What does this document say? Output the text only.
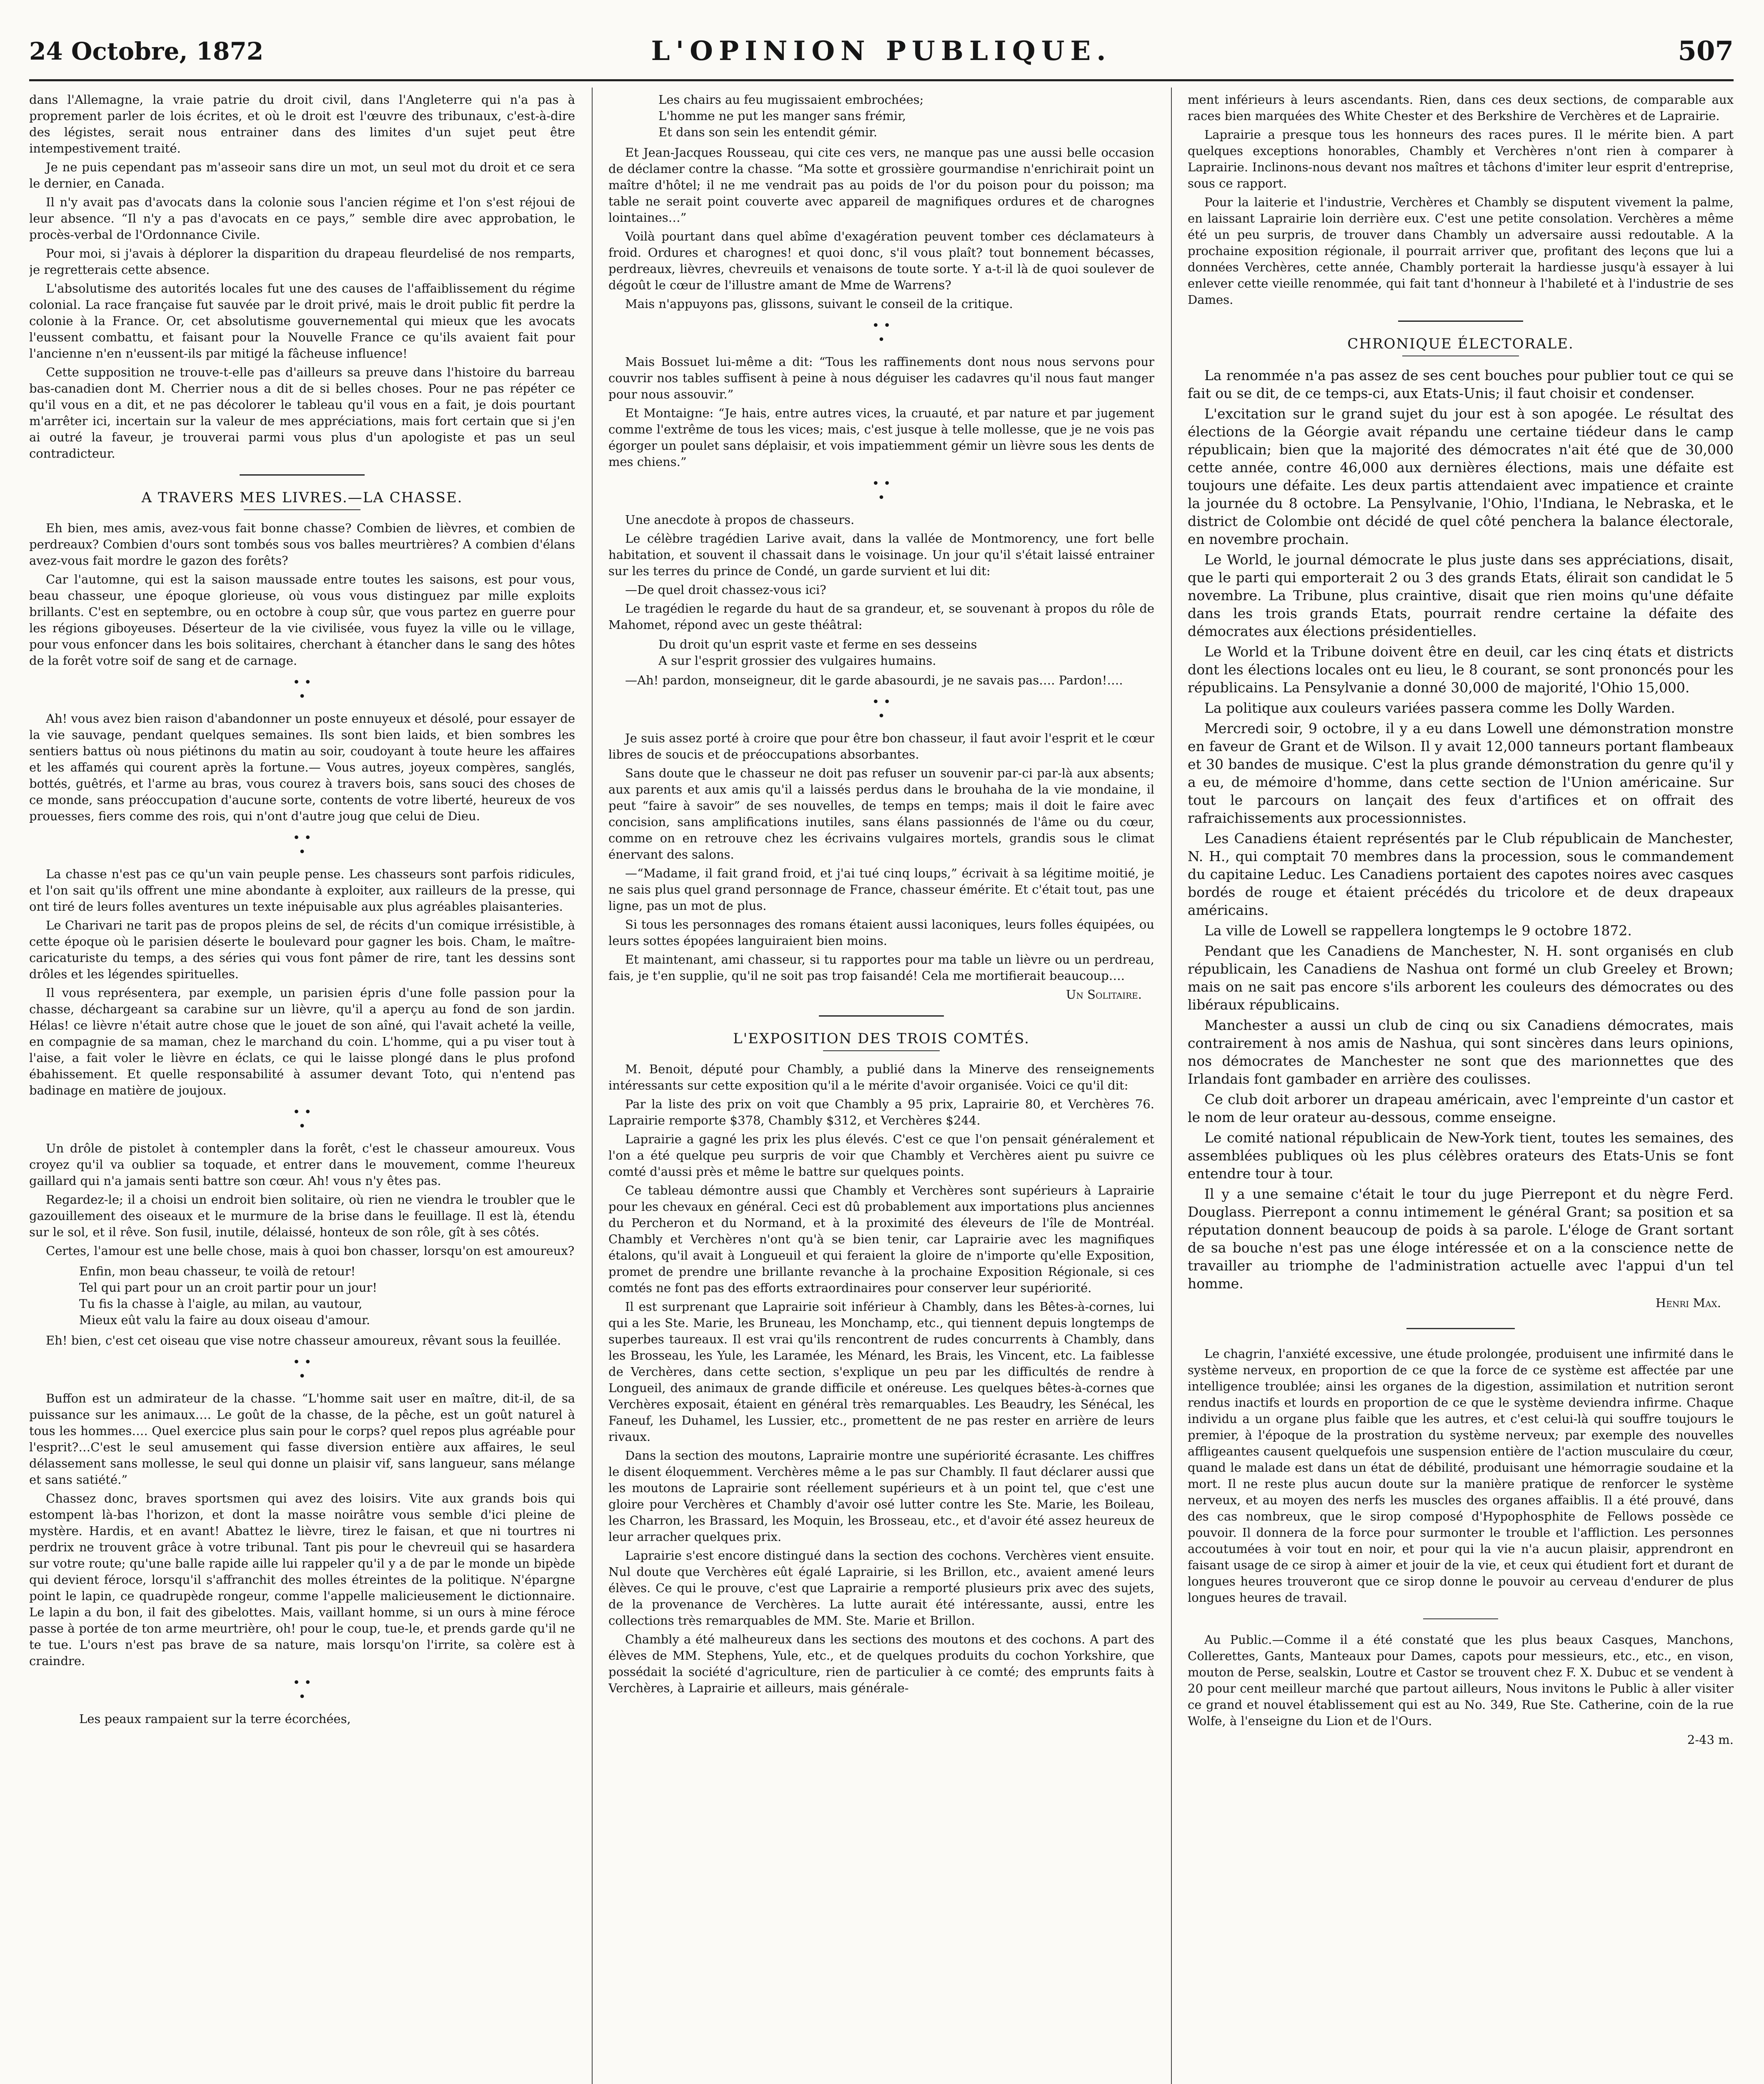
24 Octobre, 1872	L'OPINION PUBLIQUE.	507

dans l'Allemagne, la vraie patrie du droit civil, dans l'Angleterre qui n'a pas à proprement parler de lois écrites, et où le droit est l'œuvre des tribunaux, c'est-à-dire des légistes, serait nous entrainer dans des limites d'un sujet peut être intempestivement traité.

Je ne puis cependant pas m'asseoir sans dire un mot, un seul mot du droit et ce sera le dernier, en Canada.

Il n'y avait pas d'avocats dans la colonie sous l'ancien régime et l'on s'est réjoui de leur absence. “Il n'y a pas d'avocats en ce pays,” semble dire avec approbation, le procès-verbal de l'Ordonnance Civile.

Pour moi, si j'avais à déplorer la disparition du drapeau fleurdelisé de nos remparts, je regretterais cette absence.

L'absolutisme des autorités locales fut une des causes de l'affaiblissement du régime colonial. La race française fut sauvée par le droit privé, mais le droit public fit perdre la colonie à la France. Or, cet absolutisme gouvernemental qui mieux que les avocats l'eussent combattu, et faisant pour la Nouvelle France ce qu'ils avaient fait pour l'ancienne n'en n'eussent-ils par mitigé la fâcheuse influence!

Cette supposition ne trouve-t-elle pas d'ailleurs sa preuve dans l'histoire du barreau bas-canadien dont M. Cherrier nous a dit de si belles choses. Pour ne pas répéter ce qu'il vous en a dit, et ne pas décolorer le tableau qu'il vous en a fait, je dois pourtant m'arrêter ici, incertain sur la valeur de mes appréciations, mais fort certain que si j'en ai outré la faveur, je trouverai parmi vous plus d'un apologiste et pas un seul contradicteur.

A TRAVERS MES LIVRES.—LA CHASSE.

Eh bien, mes amis, avez-vous fait bonne chasse? Combien de lièvres, et combien de perdreaux? Combien d'ours sont tombés sous vos balles meurtrières? A combien d'élans avez-vous fait mordre le gazon des forêts?

Car l'automne, qui est la saison maussade entre toutes les saisons, est pour vous, beau chasseur, une époque glorieuse, où vous vous distinguez par mille exploits brillants. C'est en septembre, ou en octobre à coup sûr, que vous partez en guerre pour les régions giboyeuses. Déserteur de la vie civilisée, vous fuyez la ville ou le village, pour vous enfoncer dans les bois solitaires, cherchant à étancher dans le sang des hôtes de la forêt votre soif de sang et de carnage.

• •
•

Ah! vous avez bien raison d'abandonner un poste ennuyeux et désolé, pour essayer de la vie sauvage, pendant quelques semaines. Ils sont bien laids, et bien sombres les sentiers battus où nous piétinons du matin au soir, coudoyant à toute heure les affaires et les affamés qui courent après la fortune.— Vous autres, joyeux compères, sanglés, bottés, guêtrés, et l'arme au bras, vous courez à travers bois, sans souci des choses de ce monde, sans préoccupation d'aucune sorte, contents de votre liberté, heureux de vos prouesses, fiers comme des rois, qui n'ont d'autre joug que celui de Dieu.

• •
•

La chasse n'est pas ce qu'un vain peuple pense. Les chasseurs sont parfois ridicules, et l'on sait qu'ils offrent une mine abondante à exploiter, aux railleurs de la presse, qui ont tiré de leurs folles aventures un texte inépuisable aux plus agréables plaisanteries.

Le Charivari ne tarit pas de propos pleins de sel, de récits d'un comique irrésistible, à cette époque où le parisien déserte le boulevard pour gagner les bois. Cham, le maître-caricaturiste du temps, a des séries qui vous font pâmer de rire, tant les dessins sont drôles et les légendes spirituelles.

Il vous représentera, par exemple, un parisien épris d'une folle passion pour la chasse, déchargeant sa carabine sur un lièvre, qu'il a aperçu au fond de son jardin. Hélas! ce lièvre n'était autre chose que le jouet de son aîné, qui l'avait acheté la veille, en compagnie de sa maman, chez le marchand du coin. L'homme, qui a pu viser tout à l'aise, a fait voler le lièvre en éclats, ce qui le laisse plongé dans le plus profond ébahissement. Et quelle responsabilité à assumer devant Toto, qui n'entend pas badinage en matière de joujoux.

• •
•

Un drôle de pistolet à contempler dans la forêt, c'est le chasseur amoureux. Vous croyez qu'il va oublier sa toquade, et entrer dans le mouvement, comme l'heureux gaillard qui n'a jamais senti battre son cœur. Ah! vous n'y êtes pas.

Regardez-le; il a choisi un endroit bien solitaire, où rien ne viendra le troubler que le gazouillement des oiseaux et le murmure de la brise dans le feuillage. Il est là, étendu sur le sol, et il rêve. Son fusil, inutile, délaissé, honteux de son rôle, gît à ses côtés.

Certes, l'amour est une belle chose, mais à quoi bon chasser, lorsqu'on est amoureux?

Enfin, mon beau chasseur, te voilà de retour!

Tel qui part pour un an croit partir pour un jour!

Tu fis la chasse à l'aigle, au milan, au vautour,

Mieux eût valu la faire au doux oiseau d'amour.

Eh! bien, c'est cet oiseau que vise notre chasseur amoureux, rêvant sous la feuillée.

• •
•

Buffon est un admirateur de la chasse. “L'homme sait user en maître, dit-il, de sa puissance sur les animaux…. Le goût de la chasse, de la pêche, est un goût naturel à tous les hommes…. Quel exercice plus sain pour le corps? quel repos plus agréable pour l'esprit?…C'est le seul amusement qui fasse diversion entière aux affaires, le seul délassement sans mollesse, le seul qui donne un plaisir vif, sans langueur, sans mélange et sans satiété.”

Chassez donc, braves sportsmen qui avez des loisirs. Vite aux grands bois qui estompent là-bas l'horizon, et dont la masse noirâtre vous semble d'ici pleine de mystère. Hardis, et en avant! Abattez le lièvre, tirez le faisan, et que ni tourtres ni perdrix ne trouvent grâce à votre tribunal. Tant pis pour le chevreuil qui se hasardera sur votre route; qu'une balle rapide aille lui rappeler qu'il y a de par le monde un bipède qui devient féroce, lorsqu'il s'affranchit des molles étreintes de la politique. N'épargne point le lapin, ce quadrupède rongeur, comme l'appelle malicieusement le dictionnaire. Le lapin a du bon, il fait des gibelottes. Mais, vaillant homme, si un ours à mine féroce passe à portée de ton arme meurtrière, oh! pour le coup, tue-le, et prends garde qu'il ne te tue. L'ours n'est pas brave de sa nature, mais lorsqu'on l'irrite, sa colère est à craindre.

• •
•

Les peaux rampaient sur la terre écorchées,

Les chairs au feu mugissaient embrochées;

L'homme ne put les manger sans frémir,

Et dans son sein les entendit gémir.

Et Jean-Jacques Rousseau, qui cite ces vers, ne manque pas une aussi belle occasion de déclamer contre la chasse. “Ma sotte et grossière gourmandise n'enrichirait point un maître d'hôtel; il ne me vendrait pas au poids de l'or du poison pour du poisson; ma table ne serait point couverte avec appareil de magnifiques ordures et de charognes lointaines…”

Voilà pourtant dans quel abîme d'exagération peuvent tomber ces déclamateurs à froid. Ordures et charognes! et quoi donc, s'il vous plaît? tout bonnement bécasses, perdreaux, lièvres, chevreuils et venaisons de toute sorte. Y a-t-il là de quoi soulever de dégoût le cœur de l'illustre amant de Mme de Warrens?

Mais n'appuyons pas, glissons, suivant le conseil de la critique.

• •
•

Mais Bossuet lui-même a dit: “Tous les raffinements dont nous nous servons pour couvrir nos tables suffisent à peine à nous déguiser les cadavres qu'il nous faut manger pour nous assouvir.”

Et Montaigne: “Je hais, entre autres vices, la cruauté, et par nature et par jugement comme l'extrême de tous les vices; mais, c'est jusque à telle mollesse, que je ne vois pas égorger un poulet sans déplaisir, et vois impatiemment gémir un lièvre sous les dents de mes chiens.”

• •
•

Une anecdote à propos de chasseurs.

Le célèbre tragédien Larive avait, dans la vallée de Montmorency, une fort belle habitation, et souvent il chassait dans le voisinage. Un jour qu'il s'était laissé entrainer sur les terres du prince de Condé, un garde survient et lui dit:

—De quel droit chassez-vous ici?

Le tragédien le regarde du haut de sa grandeur, et, se souvenant à propos du rôle de Mahomet, répond avec un geste théâtral:

Du droit qu'un esprit vaste et ferme en ses desseins

A sur l'esprit grossier des vulgaires humains.

—Ah! pardon, monseigneur, dit le garde abasourdi, je ne savais pas…. Pardon!….

• •
•

Je suis assez porté à croire que pour être bon chasseur, il faut avoir l'esprit et le cœur libres de soucis et de préoccupations absorbantes.

Sans doute que le chasseur ne doit pas refuser un souvenir par-ci par-là aux absents; aux parents et aux amis qu'il a laissés perdus dans le brouhaha de la vie mondaine, il peut “faire à savoir” de ses nouvelles, de temps en temps; mais il doit le faire avec concision, sans amplifications inutiles, sans élans passionnés de l'âme ou du cœur, comme on en retrouve chez les écrivains vulgaires mortels, grandis sous le climat énervant des salons.

—“Madame, il fait grand froid, et j'ai tué cinq loups,” écrivait à sa légitime moitié, je ne sais plus quel grand personnage de France, chasseur émérite. Et c'était tout, pas une ligne, pas un mot de plus.

Si tous les personnages des romans étaient aussi laconiques, leurs folles équipées, ou leurs sottes épopées languiraient bien moins.

Et maintenant, ami chasseur, si tu rapportes pour ma table un lièvre ou un perdreau, fais, je t'en supplie, qu'il ne soit pas trop faisandé! Cela me mortifierait beaucoup….

Un Solitaire.

L'EXPOSITION DES TROIS COMTÉS.

M. Benoit, député pour Chambly, a publié dans la Minerve des renseignements intéressants sur cette exposition qu'il a le mérite d'avoir organisée. Voici ce qu'il dit:

Par la liste des prix on voit que Chambly a 95 prix, Laprairie 80, et Verchères 76. Laprairie remporte $378, Chambly $312, et Verchères $244.

Laprairie a gagné les prix les plus élevés. C'est ce que l'on pensait généralement et l'on a été quelque peu surpris de voir que Chambly et Verchères aient pu suivre ce comté d'aussi près et même le battre sur quelques points.

Ce tableau démontre aussi que Chambly et Verchères sont supérieurs à Laprairie pour les chevaux en général. Ceci est dû probablement aux importations plus anciennes du Percheron et du Normand, et à la proximité des éleveurs de l'île de Montréal. Chambly et Verchères n'ont qu'à se bien tenir, car Laprairie avec les magnifiques étalons, qu'il avait à Longueuil et qui feraient la gloire de n'importe qu'elle Exposition, promet de prendre une brillante revanche à la prochaine Exposition Régionale, si ces comtés ne font pas des efforts extraordinaires pour conserver leur supériorité.

Il est surprenant que Laprairie soit inférieur à Chambly, dans les Bêtes-à-cornes, lui qui a les Ste. Marie, les Bruneau, les Monchamp, etc., qui tiennent depuis longtemps de superbes taureaux. Il est vrai qu'ils rencontrent de rudes concurrents à Chambly, dans les Brosseau, les Yule, les Laramée, les Ménard, les Brais, les Vincent, etc. La faiblesse de Verchères, dans cette section, s'explique un peu par les difficultés de rendre à Longueil, des animaux de grande difficile et onéreuse. Les quelques bêtes-à-cornes que Verchères exposait, étaient en général très remarquables. Les Beaudry, les Sénécal, les Faneuf, les Duhamel, les Lussier, etc., promettent de ne pas rester en arrière de leurs rivaux.

Dans la section des moutons, Laprairie montre une supériorité écrasante. Les chiffres le disent éloquemment. Verchères même a le pas sur Chambly. Il faut déclarer aussi que les moutons de Laprairie sont réellement supérieurs et à un point tel, que c'est une gloire pour Verchères et Chambly d'avoir osé lutter contre les Ste. Marie, les Boileau, les Charron, les Brassard, les Moquin, les Brosseau, etc., et d'avoir été assez heureux de leur arracher quelques prix.

Laprairie s'est encore distingué dans la section des cochons. Verchères vient ensuite. Nul doute que Verchères eût égalé Laprairie, si les Brillon, etc., avaient amené leurs élèves. Ce qui le prouve, c'est que Laprairie a remporté plusieurs prix avec des sujets, de la provenance de Verchères. La lutte aurait été intéressante, aussi, entre les collections très remarquables de MM. Ste. Marie et Brillon.

Chambly a été malheureux dans les sections des moutons et des cochons. A part des élèves de MM. Stephens, Yule, etc., et de quelques produits du cochon Yorkshire, que possédait la société d'agriculture, rien de particulier à ce comté; des emprunts faits à Verchères, à Laprairie et ailleurs, mais générale-

ment inférieurs à leurs ascendants. Rien, dans ces deux sections, de comparable aux races bien marquées des White Chester et des Berkshire de Verchères et de Laprairie.

Laprairie a presque tous les honneurs des races pures. Il le mérite bien. A part quelques exceptions honorables, Chambly et Verchères n'ont rien à comparer à Laprairie. Inclinons-nous devant nos maîtres et tâchons d'imiter leur esprit d'entreprise, sous ce rapport.

Pour la laiterie et l'industrie, Verchères et Chambly se disputent vivement la palme, en laissant Laprairie loin derrière eux. C'est une petite consolation. Verchères a même été un peu surpris, de trouver dans Chambly un adversaire aussi redoutable. A la prochaine exposition régionale, il pourrait arriver que, profitant des leçons que lui a données Verchères, cette année, Chambly porterait la hardiesse jusqu'à essayer à lui enlever cette vieille renommée, qui fait tant d'honneur à l'habileté et à l'industrie de ses Dames.

CHRONIQUE ÉLECTORALE.

La renommée n'a pas assez de ses cent bouches pour publier tout ce qui se fait ou se dit, de ce temps-ci, aux Etats-Unis; il faut choisir et condenser.

L'excitation sur le grand sujet du jour est à son apogée. Le résultat des élections de la Géorgie avait répandu une certaine tiédeur dans le camp républicain; bien que la majorité des démocrates n'ait été que de 30,000 cette année, contre 46,000 aux dernières élections, mais une défaite est toujours une défaite. Les deux partis attendaient avec impatience et crainte la journée du 8 octobre. La Pensylvanie, l'Ohio, l'Indiana, le Nebraska, et le district de Colombie ont décidé de quel côté penchera la balance électorale, en novembre prochain.

Le World, le journal démocrate le plus juste dans ses appréciations, disait, que le parti qui emporterait 2 ou 3 des grands Etats, élirait son candidat le 5 novembre. La Tribune, plus craintive, disait que rien moins qu'une défaite dans les trois grands Etats, pourrait rendre certaine la défaite des démocrates aux élections présidentielles.

Le World et la Tribune doivent être en deuil, car les cinq états et districts dont les élections locales ont eu lieu, le 8 courant, se sont prononcés pour les républicains. La Pensylvanie a donné 30,000 de majorité, l'Ohio 15,000.

La politique aux couleurs variées passera comme les Dolly Warden.

Mercredi soir, 9 octobre, il y a eu dans Lowell une démonstration monstre en faveur de Grant et de Wilson. Il y avait 12,000 tanneurs portant flambeaux et 30 bandes de musique. C'est la plus grande démonstration du genre qu'il y a eu, de mémoire d'homme, dans cette section de l'Union américaine. Sur tout le parcours on lançait des feux d'artifices et on offrait des rafraichissements aux processionnistes.

Les Canadiens étaient représentés par le Club républicain de Manchester, N. H., qui comptait 70 membres dans la procession, sous le commandement du capitaine Leduc. Les Canadiens portaient des capotes noires avec casques bordés de rouge et étaient précédés du tricolore et de deux drapeaux américains.

La ville de Lowell se rappellera longtemps le 9 octobre 1872.

Pendant que les Canadiens de Manchester, N. H. sont organisés en club républicain, les Canadiens de Nashua ont formé un club Greeley et Brown; mais on ne sait pas encore s'ils arborent les couleurs des démocrates ou des libéraux républicains.

Manchester a aussi un club de cinq ou six Canadiens démocrates, mais contrairement à nos amis de Nashua, qui sont sincères dans leurs opinions, nos démocrates de Manchester ne sont que des marionnettes que des Irlandais font gambader en arrière des coulisses.

Ce club doit arborer un drapeau américain, avec l'empreinte d'un castor et le nom de leur orateur au-dessous, comme enseigne.

Le comité national républicain de New-York tient, toutes les semaines, des assemblées publiques où les plus célèbres orateurs des Etats-Unis se font entendre tour à tour.

Il y a une semaine c'était le tour du juge Pierrepont et du nègre Ferd. Douglass. Pierrepont a connu intimement le général Grant; sa position et sa réputation donnent beaucoup de poids à sa parole. L'éloge de Grant sortant de sa bouche n'est pas une éloge intéressée et on a la conscience nette de travailler au triomphe de l'administration actuelle avec l'appui d'un tel homme.

Henri Max.

Le chagrin, l'anxiété excessive, une étude prolongée, produisent une infirmité dans le système nerveux, en proportion de ce que la force de ce système est affectée par une intelligence troublée; ainsi les organes de la digestion, assimilation et nutrition seront rendus inactifs et lourds en proportion de ce que le système deviendra infirme. Chaque individu a un organe plus faible que les autres, et c'est celui-là qui souffre toujours le premier, à l'époque de la prostration du système nerveux; par exemple des nouvelles affligeantes causent quelquefois une suspension entière de l'action musculaire du cœur, quand le malade est dans un état de débilité, produisant une hémorragie soudaine et la mort. Il ne reste plus aucun doute sur la manière pratique de renforcer le système nerveux, et au moyen des nerfs les muscles des organes affaiblis. Il a été prouvé, dans des cas nombreux, que le sirop composé d'Hypophosphite de Fellows possède ce pouvoir. Il donnera de la force pour surmonter le trouble et l'affliction. Les personnes accoutumées à voir tout en noir, et pour qui la vie n'a aucun plaisir, apprendront en faisant usage de ce sirop à aimer et jouir de la vie, et ceux qui étudient fort et durant de longues heures trouveront que ce sirop donne le pouvoir au cerveau d'endurer de plus longues heures de travail.

Au Public.—Comme il a été constaté que les plus beaux Casques, Manchons, Collerettes, Gants, Manteaux pour Dames, capots pour messieurs, etc., etc., en vison, mouton de Perse, sealskin, Loutre et Castor se trouvent chez F. X. Dubuc et se vendent à 20 pour cent meilleur marché que partout ailleurs, Nous invitons le Public à aller visiter ce grand et nouvel établissement qui est au No. 349, Rue Ste. Catherine, coin de la rue Wolfe, à l'enseigne du Lion et de l'Ours.

2-43 m.
